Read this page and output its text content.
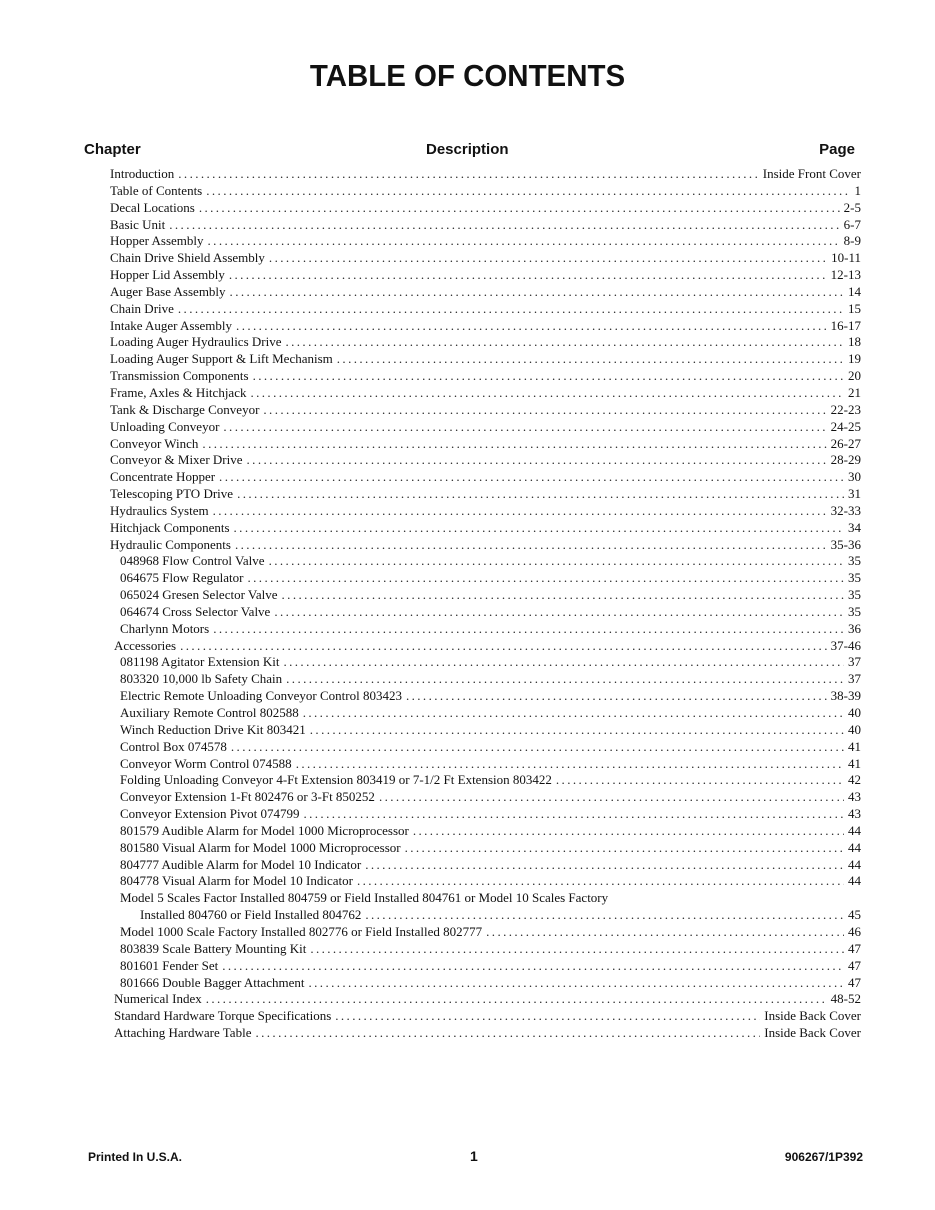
TABLE OF CONTENTS
Chapter	Description	Page
Introduction .....	Inside Front Cover
Table of Contents .....	1
Decal Locations .....	2-5
Basic Unit .....	6-7
Hopper Assembly .....	8-9
Chain Drive Shield Assembly .....	10-11
Hopper Lid Assembly .....	12-13
Auger Base Assembly .....	14
Chain Drive .....	15
Intake Auger Assembly .....	16-17
Loading Auger Hydraulics Drive .....	18
Loading Auger Support & Lift Mechanism .....	19
Transmission Components .....	20
Frame, Axles & Hitchjack .....	21
Tank & Discharge Conveyor .....	22-23
Unloading Conveyor .....	24-25
Conveyor Winch .....	26-27
Conveyor & Mixer Drive .....	28-29
Concentrate Hopper .....	30
Telescoping PTO Drive .....	31
Hydraulics System .....	32-33
Hitchjack Components .....	34
Hydraulic Components .....	35-36
048968 Flow Control Valve .....	35
064675 Flow Regulator .....	35
065024 Gresen Selector Valve .....	35
064674 Cross Selector Valve .....	35
Charlynn Motors .....	36
Accessories .....	37-46
081198 Agitator Extension Kit .....	37
803320 10,000 lb Safety Chain .....	37
Electric Remote Unloading Conveyor Control 803423 .....	38-39
Auxiliary Remote Control 802588 .....	40
Winch Reduction Drive Kit 803421 .....	40
Control Box 074578 .....	41
Conveyor Worm Control 074588 .....	41
Folding Unloading Conveyor 4-Ft Extension 803419 or 7-1/2 Ft Extension 803422 .....	42
Conveyor Extension 1-Ft 802476 or 3-Ft 850252 .....	43
Conveyor Extension Pivot 074799 .....	43
801579 Audible Alarm for Model 1000 Microprocessor .....	44
801580 Visual Alarm for Model 1000 Microprocessor .....	44
804777 Audible Alarm for Model 10 Indicator .....	44
804778 Visual Alarm for Model 10 Indicator .....	44
Model 5 Scales Factor Installed 804759 or Field Installed 804761 or Model 10 Scales Factory
Installed 804760 or Field Installed 804762 .....	45
Model 1000 Scale Factory Installed 802776 or Field Installed 802777 .....	46
803839 Scale Battery Mounting Kit .....	47
801601 Fender Set .....	47
801666 Double Bagger Attachment .....	47
Numerical Index .....	48-52
Standard Hardware Torque Specifications .....	Inside Back Cover
Attaching Hardware Table .....	Inside Back Cover
Printed In U.S.A.	1	906267/1P392
